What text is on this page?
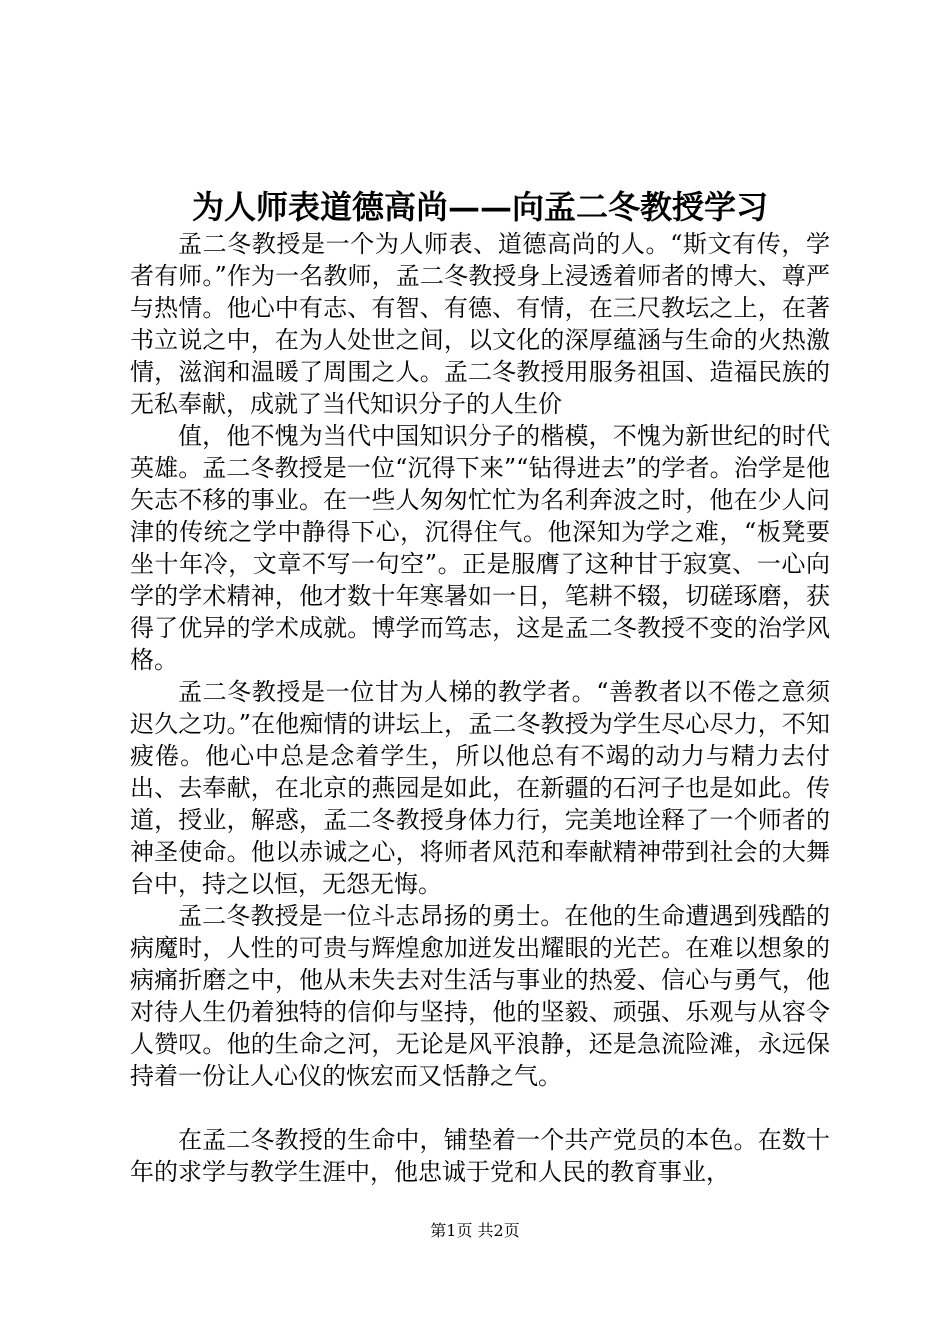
为人师表道德高尚——向孟二冬教授学习

孟二冬教授是一个为人师表、道德高尚的人。“斯文有传，学者有师。”作为一名教师，孟二冬教授身上浸透着师者的博大、尊严与热情。他心中有志、有智、有德、有情，在三尺教坛之上，在著书立说之中，在为人处世之间，以文化的深厚蕴涵与生命的火热激情，滋润和温暖了周围之人。孟二冬教授用服务祖国、造福民族的无私奉献，成就了当代知识分子的人生价

值，他不愧为当代中国知识分子的楷模，不愧为新世纪的时代英雄。孟二冬教授是一位“沉得下来”“钻得进去”的学者。治学是他矢志不移的事业。在一些人匆匆忙忙为名利奔波之时，他在少人问津的传统之学中静得下心，沉得住气。他深知为学之难，“板凳要坐十年冷，文章不写一句空”。正是服膺了这种甘于寂寞、一心向学的学术精神，他才数十年寒暑如一日，笔耕不辍，切磋琢磨，获得了优异的学术成就。博学而笃志，这是孟二冬教授不变的治学风格。

孟二冬教授是一位甘为人梯的教学者。“善教者以不倦之意须迟久之功。”在他痴情的讲坛上，孟二冬教授为学生尽心尽力，不知疲倦。他心中总是念着学生，所以他总有不竭的动力与精力去付出、去奉献，在北京的燕园是如此，在新疆的石河子也是如此。传道，授业，解惑，孟二冬教授身体力行，完美地诠释了一个师者的神圣使命。他以赤诚之心，将师者风范和奉献精神带到社会的大舞台中，持之以恒，无怨无悔。

孟二冬教授是一位斗志昂扬的勇士。在他的生命遭遇到残酷的病魔时，人性的可贵与辉煌愈加迸发出耀眼的光芒。在难以想象的病痛折磨之中，他从未失去对生活与事业的热爱、信心与勇气，他对待人生仍着独特的信仰与坚持，他的坚毅、顽强、乐观与从容令人赞叹。他的生命之河，无论是风平浪静，还是急流险滩，永远保持着一份让人心仪的恢宏而又恬静之气。

在孟二冬教授的生命中，铺垫着一个共产党员的本色。在数十年的求学与教学生涯中，他忠诚于党和人民的教育事业，

第1页 共2页
